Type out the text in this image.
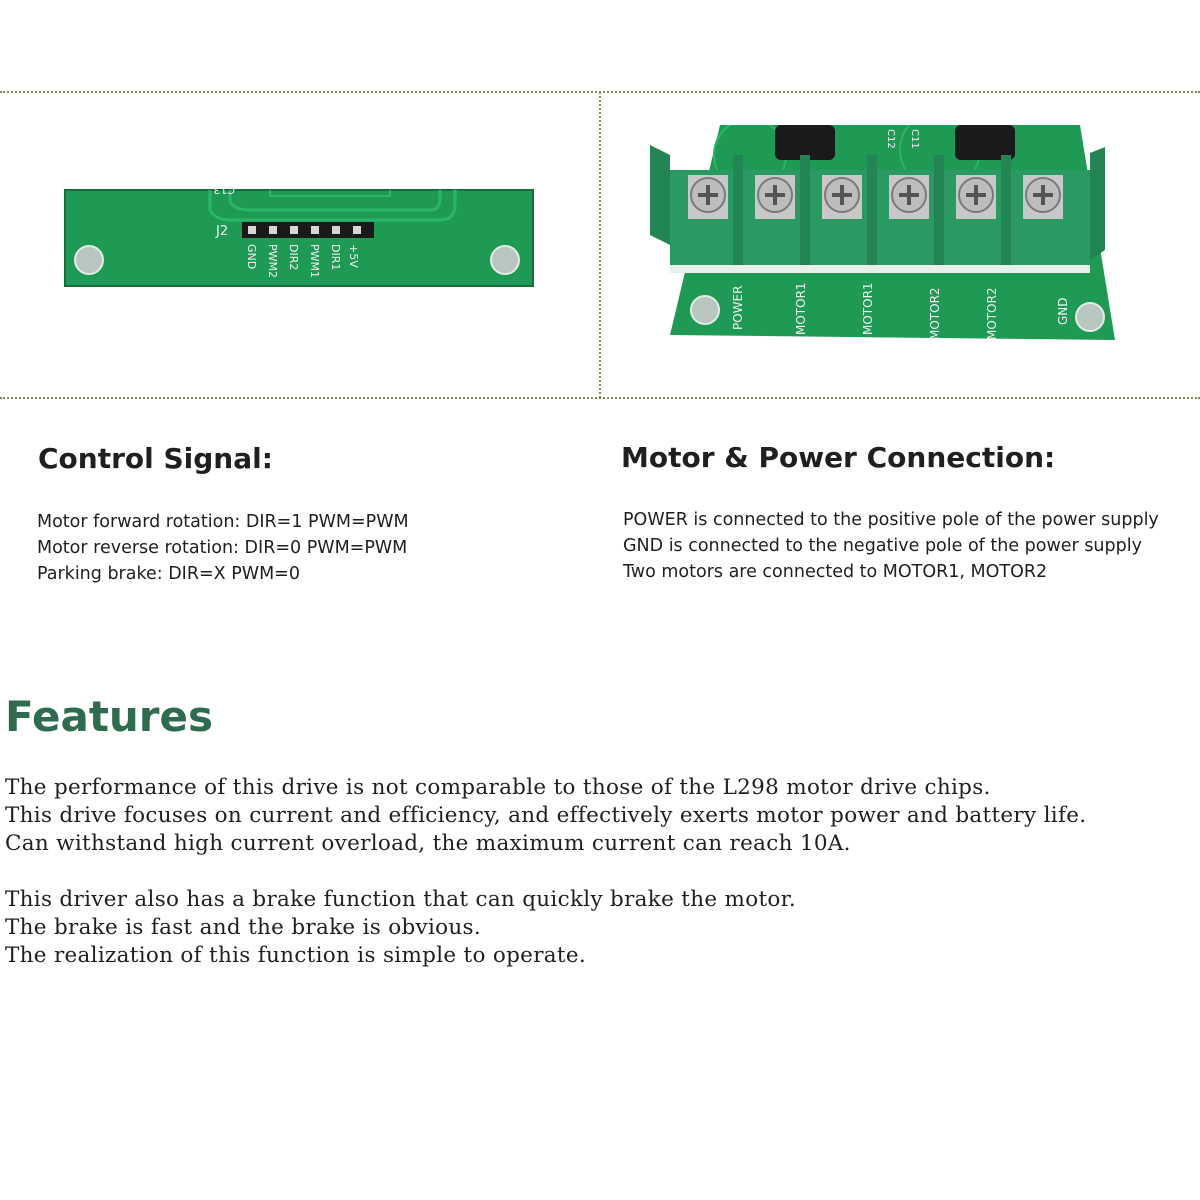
C13
J2
+5V
DIR1
PWM1
DIR2
PWM2
GND
C12 C11
POWER	MOTOR1	MOTOR1	MOTOR2	MOTOR2	GND
Control Signal:
Motor forward rotation: DIR=1 PWM=PWM
Motor reverse rotation: DIR=0 PWM=PWM
Parking brake: DIR=X PWM=0
Motor & Power Connection:
POWER is connected to the positive pole of the power supply
GND is connected to the negative pole of the power supply
Two motors are connected to MOTOR1, MOTOR2
Features
The performance of this drive is not comparable to those of the L298 motor drive chips.
This drive focuses on current and efficiency, and effectively exerts motor power and battery life.
Can withstand high current overload, the maximum current can reach 10A.
This driver also has a brake function that can quickly brake the motor.
The brake is fast and the brake is obvious.
The realization of this function is simple to operate.
